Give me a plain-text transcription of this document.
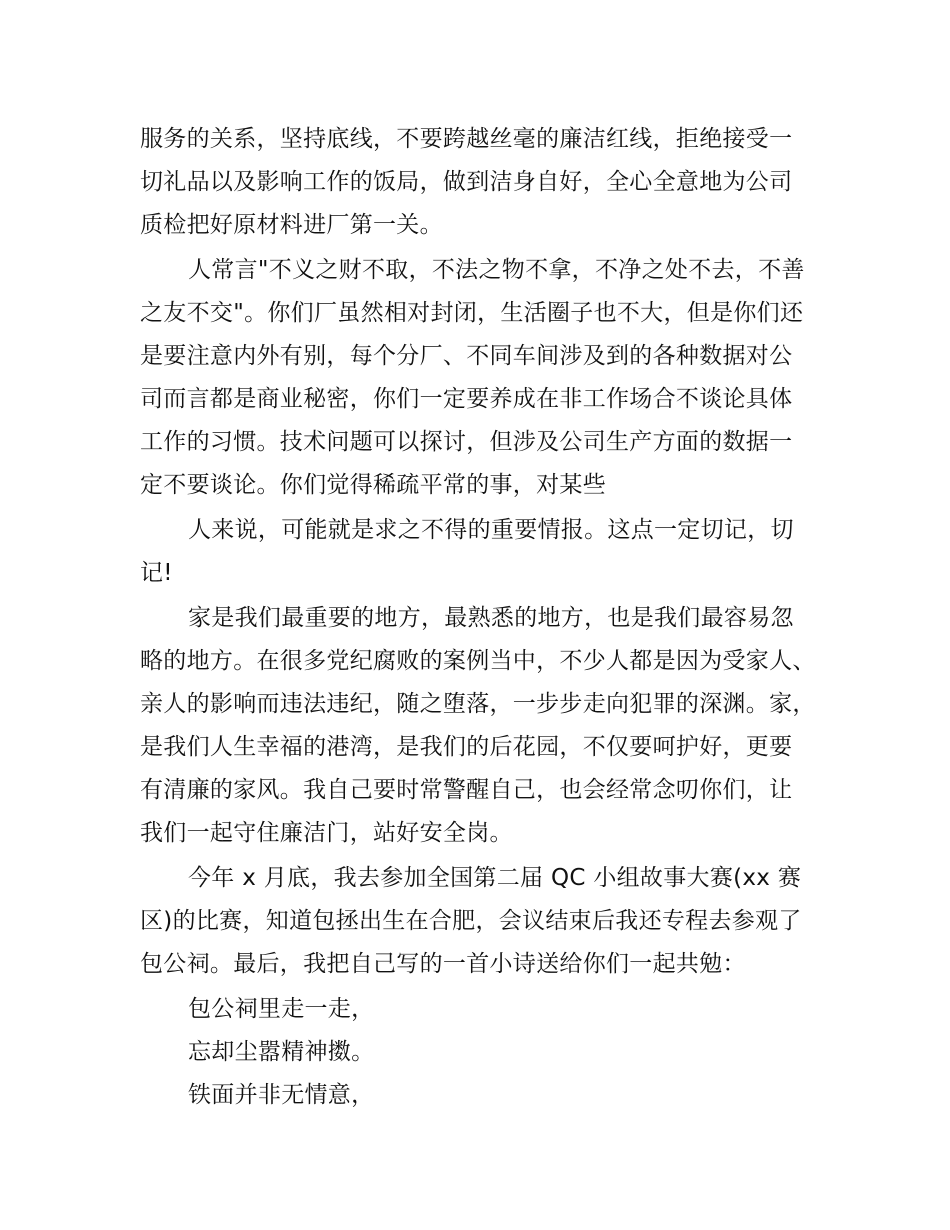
服务的关系，坚持底线，不要跨越丝毫的廉洁红线，拒绝接受一
切礼品以及影响工作的饭局，做到洁身自好，全心全意地为公司
质检把好原材料进厂第一关。
人常言"不义之财不取，不法之物不拿，不净之处不去，不善
之友不交"。你们厂虽然相对封闭，生活圈子也不大，但是你们还
是要注意内外有别，每个分厂、不同车间涉及到的各种数据对公
司而言都是商业秘密，你们一定要养成在非工作场合不谈论具体
工作的习惯。技术问题可以探讨，但涉及公司生产方面的数据一
定不要谈论。你们觉得稀疏平常的事，对某些
人来说，可能就是求之不得的重要情报。这点一定切记，切
记!
家是我们最重要的地方，最熟悉的地方，也是我们最容易忽
略的地方。在很多党纪腐败的案例当中，不少人都是因为受家人、
亲人的影响而违法违纪，随之堕落，一步步走向犯罪的深渊。家，
是我们人生幸福的港湾，是我们的后花园，不仅要呵护好，更要
有清廉的家风。我自己要时常警醒自己，也会经常念叨你们，让
我们一起守住廉洁门，站好安全岗。
今年 x 月底，我去参加全国第二届 QC 小组故事大赛(xx 赛
区)的比赛，知道包拯出生在合肥，会议结束后我还专程去参观了
包公祠。最后，我把自己写的一首小诗送给你们一起共勉：
包公祠里走一走，
忘却尘嚣精神擞。
铁面并非无情意，
